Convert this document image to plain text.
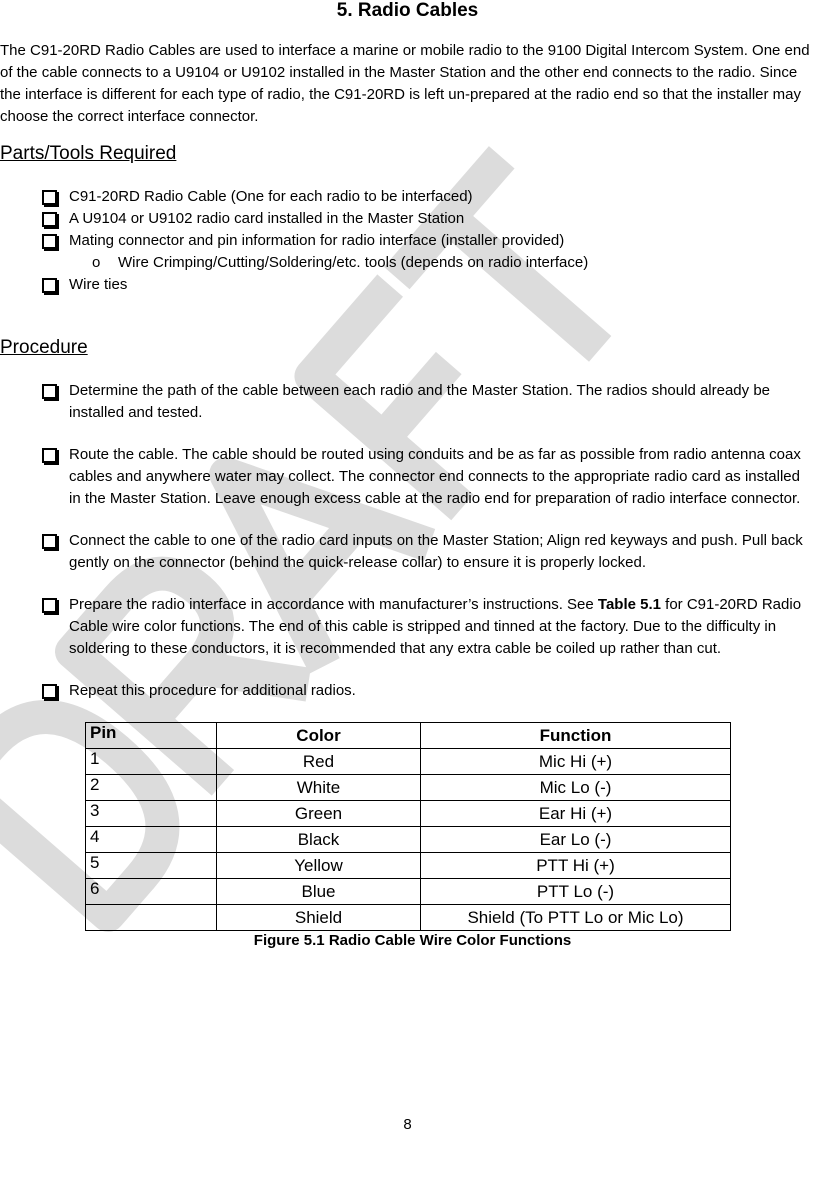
5. Radio Cables
The C91-20RD Radio Cables are used to interface a marine or mobile radio to the 9100 Digital Intercom System. One end of the cable connects to a U9104 or U9102 installed in the Master Station and the other end connects to the radio. Since the interface is different for each type of radio, the C91-20RD is left un-prepared at the radio end so that the installer may choose the correct interface connector.
Parts/Tools Required
C91-20RD Radio Cable (One for each radio to be interfaced)
A U9104 or U9102 radio card installed in the Master Station
Mating connector and pin information for radio interface (installer provided)
o Wire Crimping/Cutting/Soldering/etc. tools (depends on radio interface)
Wire ties
Procedure
Determine the path of the cable between each radio and the Master Station. The radios should already be installed and tested.
Route the cable. The cable should be routed using conduits and be as far as possible from radio antenna coax cables and anywhere water may collect. The connector end connects to the appropriate radio card as installed in the Master Station. Leave enough excess cable at the radio end for preparation of radio interface connector.
Connect the cable to one of the radio card inputs on the Master Station; Align red keyways and push. Pull back gently on the connector (behind the quick-release collar) to ensure it is properly locked.
Prepare the radio interface in accordance with manufacturer’s instructions. See Table 5.1 for C91-20RD Radio Cable wire color functions. The end of this cable is stripped and tinned at the factory. Due to the difficulty in soldering to these conductors, it is recommended that any extra cable be coiled up rather than cut.
Repeat this procedure for additional radios.
Pin	Color	Function
1	Red	Mic Hi (+)
2	White	Mic Lo (-)
3	Green	Ear Hi (+)
4	Black	Ear Lo (-)
5	Yellow	PTT Hi (+)
6	Blue	PTT Lo (-)
	Shield	Shield (To PTT Lo or Mic Lo)
Figure 5.1 Radio Cable Wire Color Functions
8
